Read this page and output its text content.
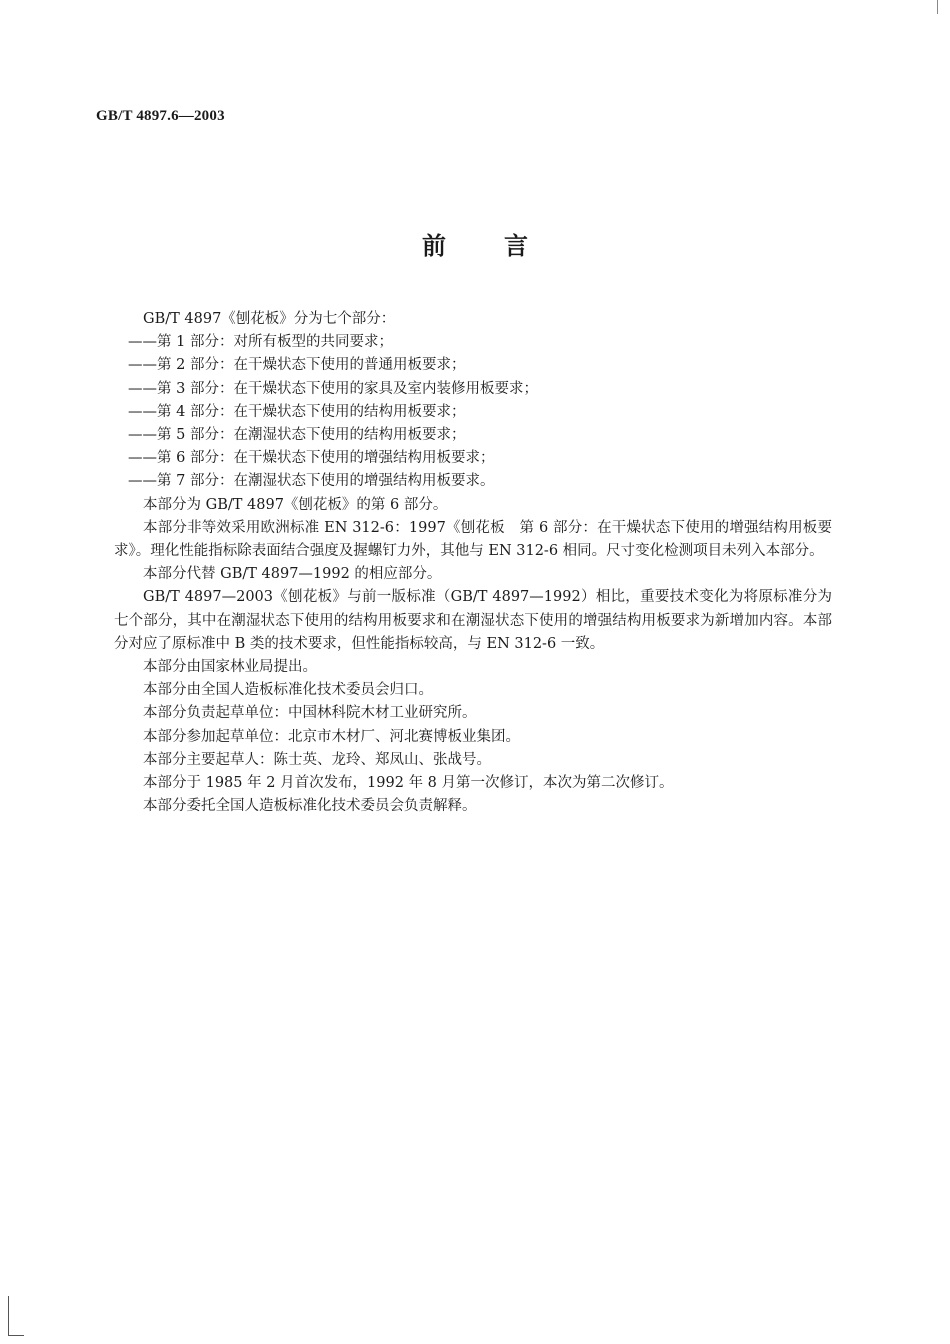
GB/T 4897.6—2003
前言

GB/T 4897《刨花板》分为七个部分：

——第 1 部分：对所有板型的共同要求；

——第 2 部分：在干燥状态下使用的普通用板要求；

——第 3 部分：在干燥状态下使用的家具及室内装修用板要求；

——第 4 部分：在干燥状态下使用的结构用板要求；

——第 5 部分：在潮湿状态下使用的结构用板要求；

——第 6 部分：在干燥状态下使用的增强结构用板要求；

——第 7 部分：在潮湿状态下使用的增强结构用板要求。

本部分为 GB/T 4897《刨花板》的第 6 部分。

本部分非等效采用欧洲标准 EN 312-6：1997《刨花板　第 6 部分：在干燥状态下使用的增强结构用板要求》。理化性能指标除表面结合强度及握螺钉力外，其他与 EN 312-6 相同。尺寸变化检测项目未列入本部分。

本部分代替 GB/T 4897—1992 的相应部分。

GB/T 4897—2003《刨花板》与前一版标准（GB/T 4897—1992）相比，重要技术变化为将原标准分为七个部分，其中在潮湿状态下使用的结构用板要求和在潮湿状态下使用的增强结构用板要求为新增加内容。本部分对应了原标准中 B 类的技术要求，但性能指标较高，与 EN 312-6 一致。

本部分由国家林业局提出。

本部分由全国人造板标准化技术委员会归口。

本部分负责起草单位：中国林科院木材工业研究所。

本部分参加起草单位：北京市木材厂、河北赛博板业集团。

本部分主要起草人：陈士英、龙玲、郑凤山、张战号。

本部分于 1985 年 2 月首次发布，1992 年 8 月第一次修订，本次为第二次修订。

本部分委托全国人造板标准化技术委员会负责解释。
